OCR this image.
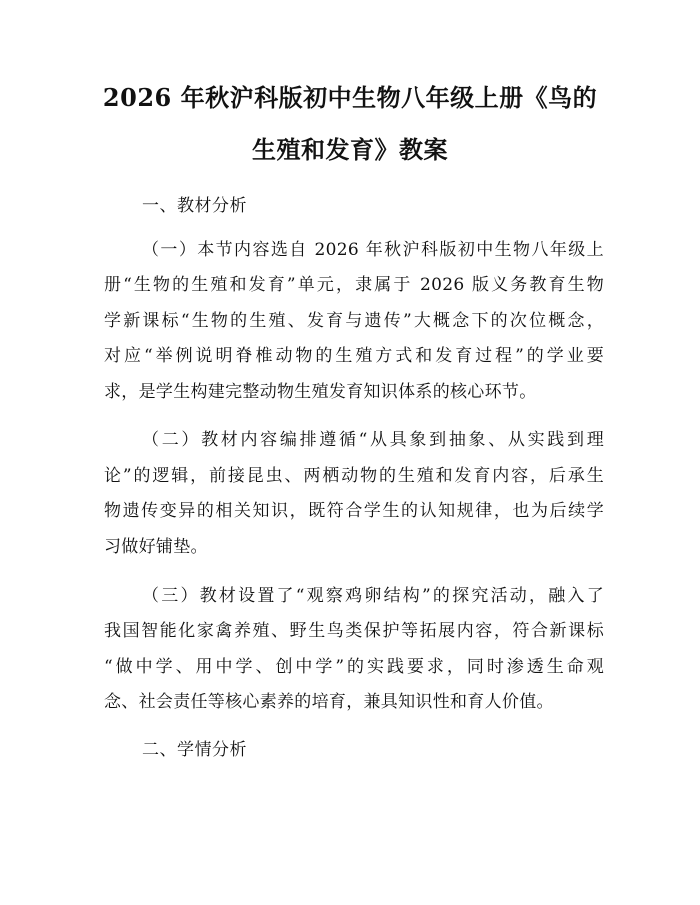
2026 年秋沪科版初中生物八年级上册《鸟的
生殖和发育》教案
一、教材分析
（一）本节内容选自 2026 年秋沪科版初中生物八年级上
册“生物的生殖和发育”单元，隶属于 2026 版义务教育生物
学新课标“生物的生殖、发育与遗传”大概念下的次位概念，
对应“举例说明脊椎动物的生殖方式和发育过程”的学业要
求，是学生构建完整动物生殖发育知识体系的核心环节。
（二）教材内容编排遵循“从具象到抽象、从实践到理
论”的逻辑，前接昆虫、两栖动物的生殖和发育内容，后承生
物遗传变异的相关知识，既符合学生的认知规律，也为后续学
习做好铺垫。
（三）教材设置了“观察鸡卵结构”的探究活动，融入了
我国智能化家禽养殖、野生鸟类保护等拓展内容，符合新课标
“做中学、用中学、创中学”的实践要求，同时渗透生命观
念、社会责任等核心素养的培育，兼具知识性和育人价值。
二、学情分析
